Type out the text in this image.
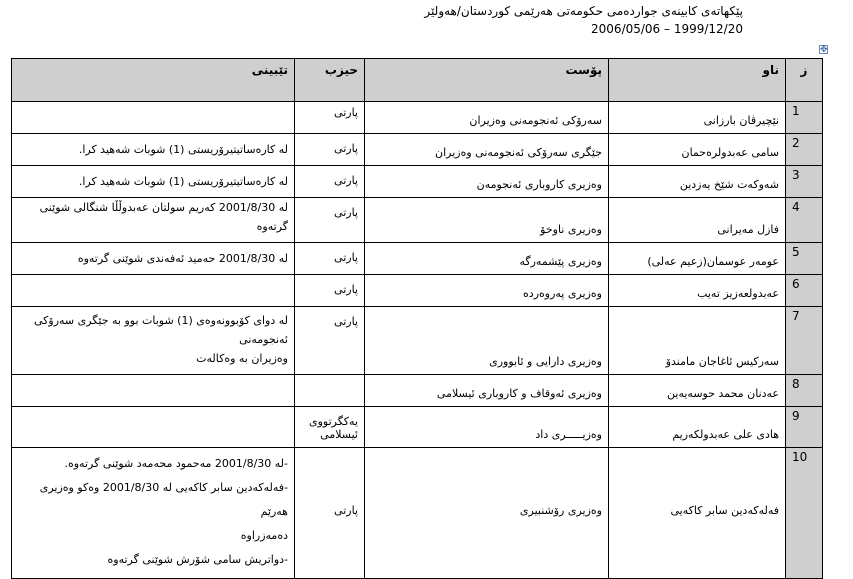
پێکهاتەی کابینەی جواردەمی حکومەتی هەرێمی کوردستان/هەولێر
2006/05/06 – 1999/12/20
✥
تێبینی	حیزب	پۆست	ناو	ز
	پارتی	سەرۆکی ئەنجومەنی وەزیران	نێچیرڤان بارزانی	1

لە کارەساتیتیرۆریستی (1) شوبات شەهید کرا.	پارتی	جێگری سەرۆکی ئەنجومەنی وەزیران	سامی عەبدولرەحمان	2

لە کارەساتیتیرۆریستی (1) شوبات شەهید کرا.	پارتی	وەزیری کاروباری ئەنجومەن	شەوکەت شێخ یەزدین	3

لە 2001/8/30 کەریم سولتان عەبدوڵڵا شنگالی شوێنی گرتەوە	پارتی	وەزیری ناوخۆ	فازل مەیرانی	4

لە 2001/8/30 حەمید ئەفەندی شوێنی گرتەوە	پارتی	وەزیری پێشمەرگە	عومەر عوسمان(زعیم عەلی)	5
	پارتی	وەزیری پەروەردە	عەبدولعەزیز تەیب	6

لە دوای کۆبوونەوەی (1) شوبات بوو بە جێگری سەرۆکی ئەنجومەنی
وەزیران بە وەکالەت	پارتی	وەزیری دارایی و ئابووری	سەرکیس ئاغاجان مامندۆ	7
		وەزیری ئەوقاف و کاروباری ئیسلامی	عەدنان محمد حوسەیەین	8
	یەکگرتووی ئیسلامی	وەزیـــــری داد	هادی علی عەبدولکەریم	9

-لە 2001/8/30 مەحمود محەمەد شوێنی گرتەوە.
-فەلەکەدین سابر کاکەیی لە 2001/8/30 وەکو وەزیری هەرێم
دەمەزراوە
-دواتریش سامی شۆرش شوێنی گرتەوە	پارتی	وەزیری رۆشنبیری	فەلەکەدین سابر کاکەیی	10
